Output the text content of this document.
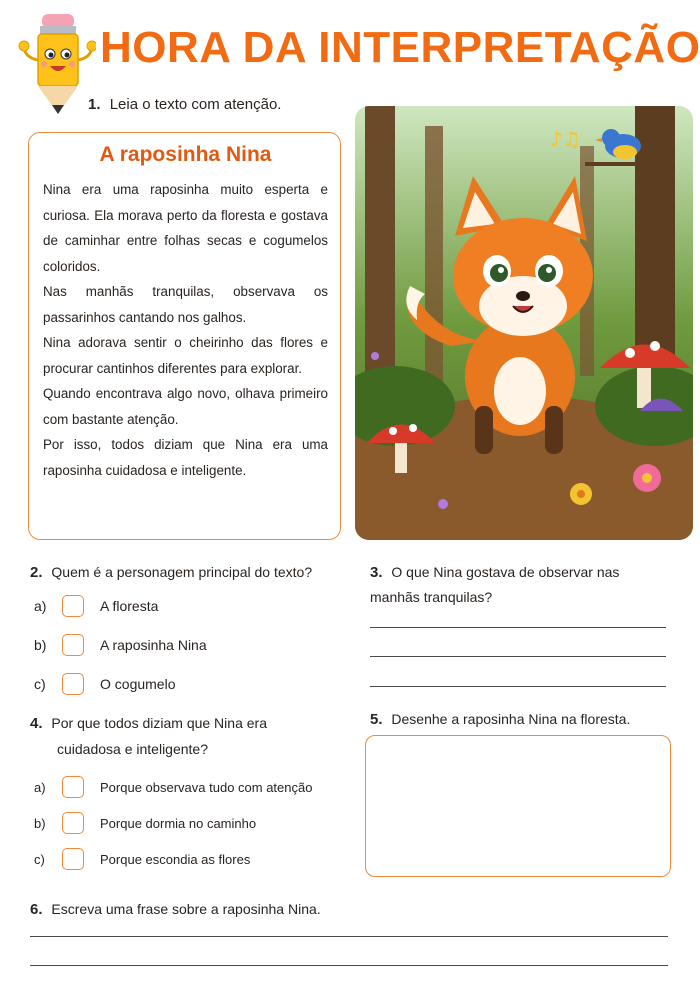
HORA DA INTERPRETAÇÃO
1. Leia o texto com atenção.
A raposinha Nina

Nina era uma raposinha muito esperta e curiosa. Ela morava perto da floresta e gostava de caminhar entre folhas secas e cogumelos coloridos.

Nas manhãs tranquilas, observava os passarinhos cantando nos galhos.

Nina adorava sentir o cheirinho das flores e procurar cantinhos diferentes para explorar.

Quando encontrava algo novo, olhava primeiro com bastante atenção.

Por isso, todos diziam que Nina era uma raposinha cuidadosa e inteligente.

♪♫
2. Quem é a personagem principal do texto?
a)	A floresta
b)	A raposinha Nina
c)	O cogumelo
3. O que Nina gostava de observar nas
manhãs tranquilas?
4. Por que todos diziam que Nina era
cuidadosa e inteligente?
a)	Porque observava tudo com atenção
b)	Porque dormia no caminho
c)	Porque escondia as flores
5. Desenhe a raposinha Nina na floresta.
6. Escreva uma frase sobre a raposinha Nina.
